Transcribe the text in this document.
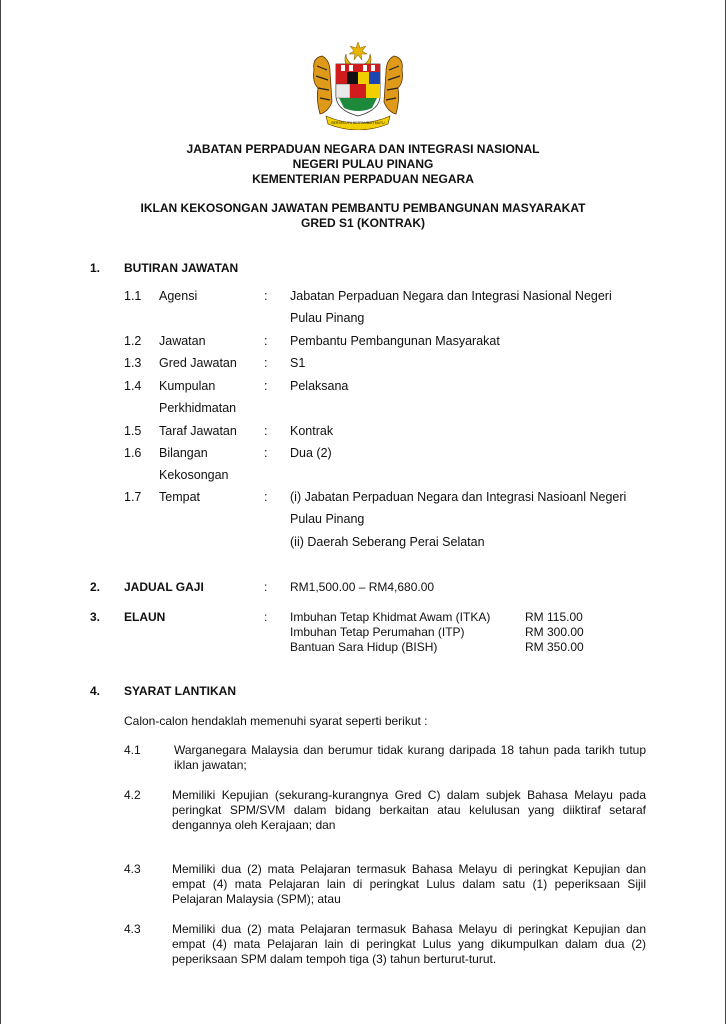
BERSEKUTU BERTAMBAH MUTU
JABATAN PERPADUAN NEGARA DAN INTEGRASI NASIONAL
NEGERI PULAU PINANG
KEMENTERIAN PERPADUAN NEGARA
IKLAN KEKOSONGAN JAWATAN PEMBANTU PEMBANGUNAN MASYARAKAT
GRED S1 (KONTRAK)
1. BUTIRAN JAWATAN
1.1 Agensi	: Jabatan Perpaduan Negara dan Integrasi Nasional Negeri
Pulau Pinang
1.2 Jawatan	: Pembantu Pembangunan Masyarakat
1.3 Gred Jawatan : S1
1.4 Kumpulan
Perkhidmatan
: Pelaksana
1.5 Taraf Jawatan : Kontrak
1.6 Bilangan
Kekosongan
: Dua (2)
1.7 Tempat	: (i) Jabatan Perpaduan Negara dan Integrasi Nasioanl Negeri
Pulau Pinang
(ii) Daerah Seberang Perai Selatan
2. JADUAL GAJI	: RM1,500.00 – RM4,680.00
3. ELAUN	: Imbuhan Tetap Khidmat Awam (ITKA)	RM 115.00
Imbuhan Tetap Perumahan (ITP)	RM 300.00
Bantuan Sara Hidup (BISH)	RM 350.00
4. SYARAT LANTIKAN
Calon-calon hendaklah memenuhi syarat seperti berikut :
4.1	Warganegara Malaysia dan berumur tidak kurang daripada 18 tahun pada tarikh tutup iklan jawatan;
4.2	Memiliki Kepujian (sekurang-kurangnya Gred C) dalam subjek Bahasa Melayu pada peringkat SPM/SVM dalam bidang berkaitan atau kelulusan yang diiktiraf setaraf dengannya oleh Kerajaan; dan
4.3	Memiliki dua (2) mata Pelajaran termasuk Bahasa Melayu di peringkat Kepujian dan empat (4) mata Pelajaran lain di peringkat Lulus dalam satu (1) peperiksaan Sijil Pelajaran Malaysia (SPM); atau
4.3	Memiliki dua (2) mata Pelajaran termasuk Bahasa Melayu di peringkat Kepujian dan empat (4) mata Pelajaran lain di peringkat Lulus yang dikumpulkan dalam dua (2) peperiksaan SPM dalam tempoh tiga (3) tahun berturut-turut.
